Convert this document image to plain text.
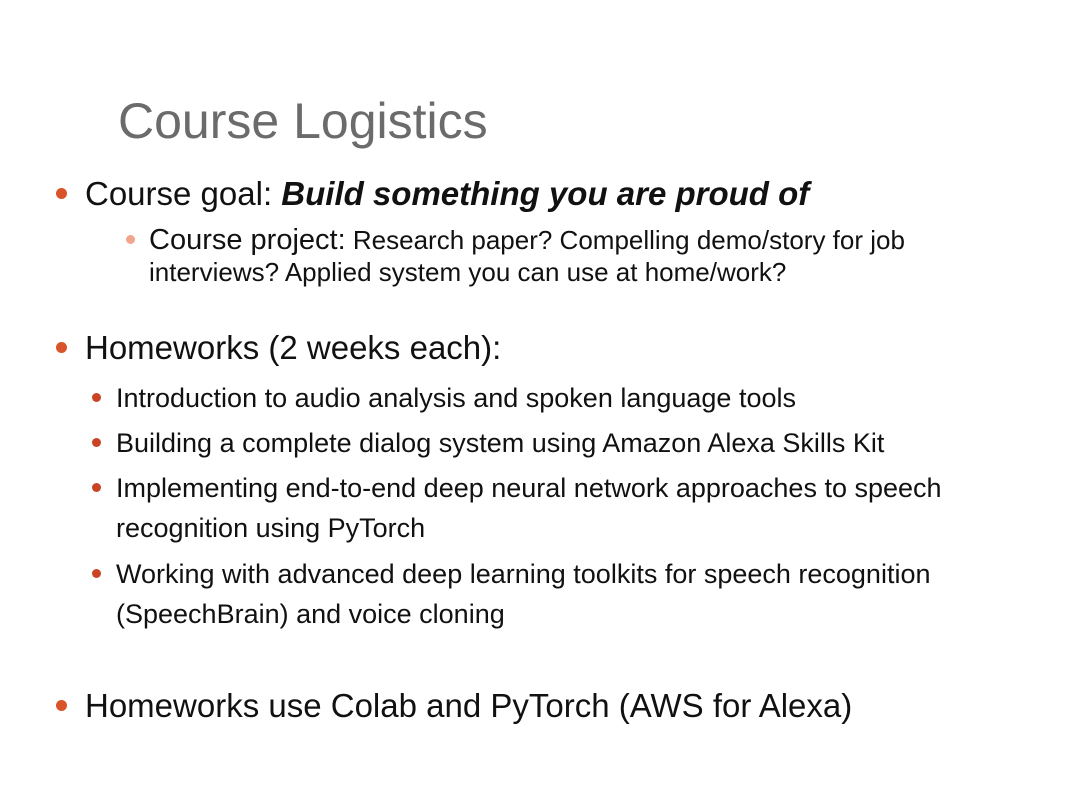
Course Logistics
Course goal: Build something you are proud of
Course project: Research paper? Compelling demo/story for job interviews? Applied system you can use at home/work?
Homeworks (2 weeks each):
Introduction to audio analysis and spoken language tools
Building a complete dialog system using Amazon Alexa Skills Kit
Implementing end-to-end deep neural network approaches to speech recognition using PyTorch
Working with advanced deep learning toolkits for speech recognition (SpeechBrain) and voice cloning
Homeworks use Colab and PyTorch (AWS for Alexa)
